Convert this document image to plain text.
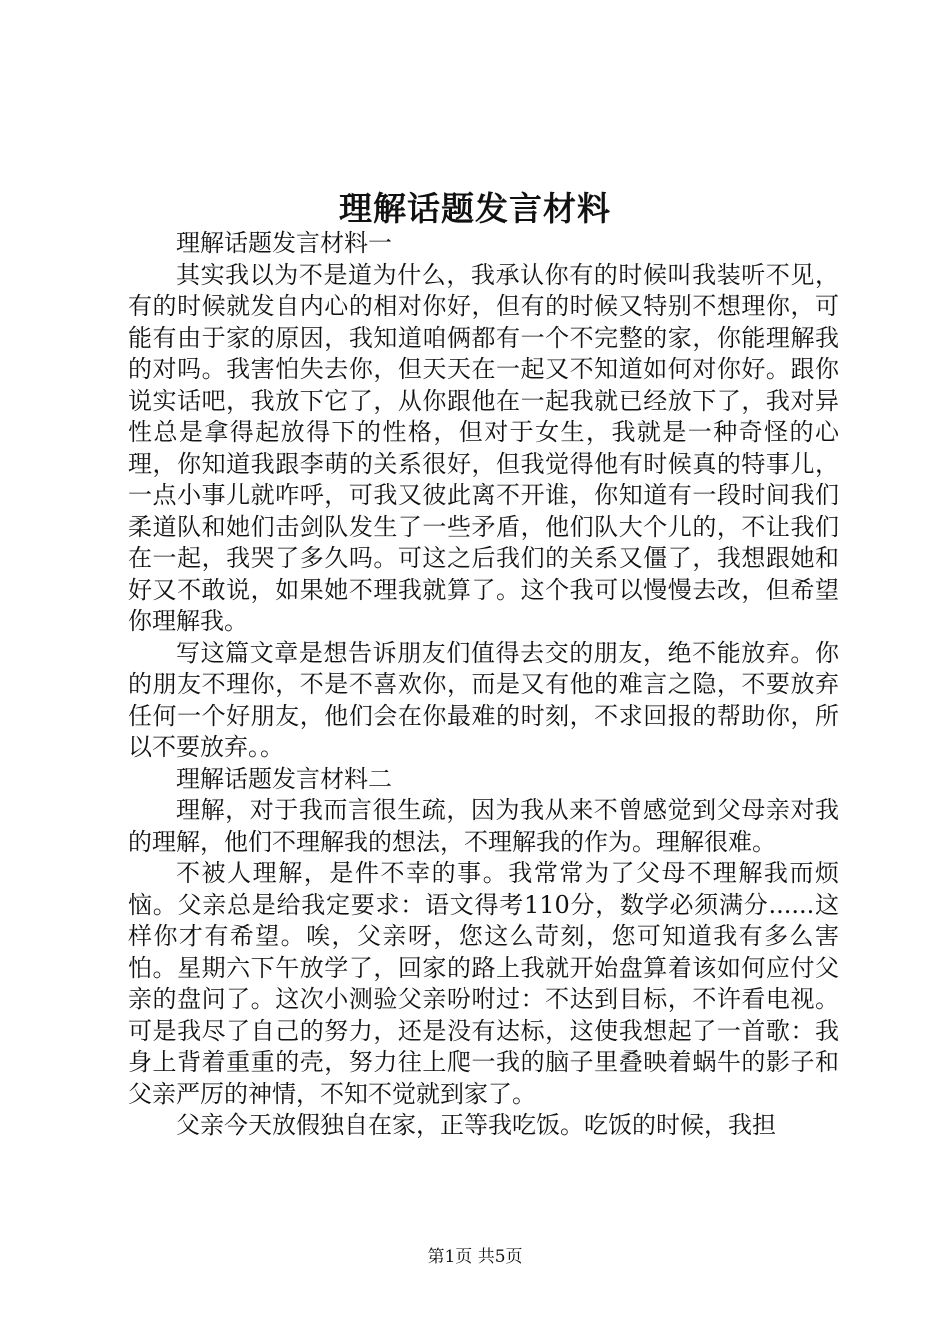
理解话题发言材料

理解话题发言材料一

其实我以为不是道为什么，我承认你有的时候叫我装听不见，有的时候就发自内心的相对你好，但有的时候又特别不想理你，可能有由于家的原因，我知道咱俩都有一个不完整的家，你能理解我的对吗。我害怕失去你，但天天在一起又不知道如何对你好。跟你说实话吧，我放下它了，从你跟他在一起我就已经放下了，我对异性总是拿得起放得下的性格，但对于女生，我就是一种奇怪的心理，你知道我跟李萌的关系很好，但我觉得他有时候真的特事儿，一点小事儿就咋呼，可我又彼此离不开谁，你知道有一段时间我们柔道队和她们击剑队发生了一些矛盾，他们队大个儿的，不让我们在一起，我哭了多久吗。可这之后我们的关系又僵了，我想跟她和好又不敢说，如果她不理我就算了。这个我可以慢慢去改，但希望你理解我。

写这篇文章是想告诉朋友们值得去交的朋友，绝不能放弃。你的朋友不理你，不是不喜欢你，而是又有他的难言之隐，不要放弃任何一个好朋友，他们会在你最难的时刻，不求回报的帮助你，所以不要放弃。。

理解话题发言材料二

理解，对于我而言很生疏，因为我从来不曾感觉到父母亲对我的理解，他们不理解我的想法，不理解我的作为。理解很难。

不被人理解，是件不幸的事。我常常为了父母不理解我而烦恼。父亲总是给我定要求：语文得考110分，数学必须满分......这样你才有希望。唉，父亲呀，您这么苛刻，您可知道我有多么害怕。星期六下午放学了，回家的路上我就开始盘算着该如何应付父亲的盘问了。这次小测验父亲吩咐过：不达到目标，不许看电视。可是我尽了自己的努力，还是没有达标，这使我想起了一首歌：我身上背着重重的壳，努力往上爬一我的脑子里叠映着蜗牛的影子和父亲严厉的神情，不知不觉就到家了。

父亲今天放假独自在家，正等我吃饭。吃饭的时候，我担

第1页 共5页
